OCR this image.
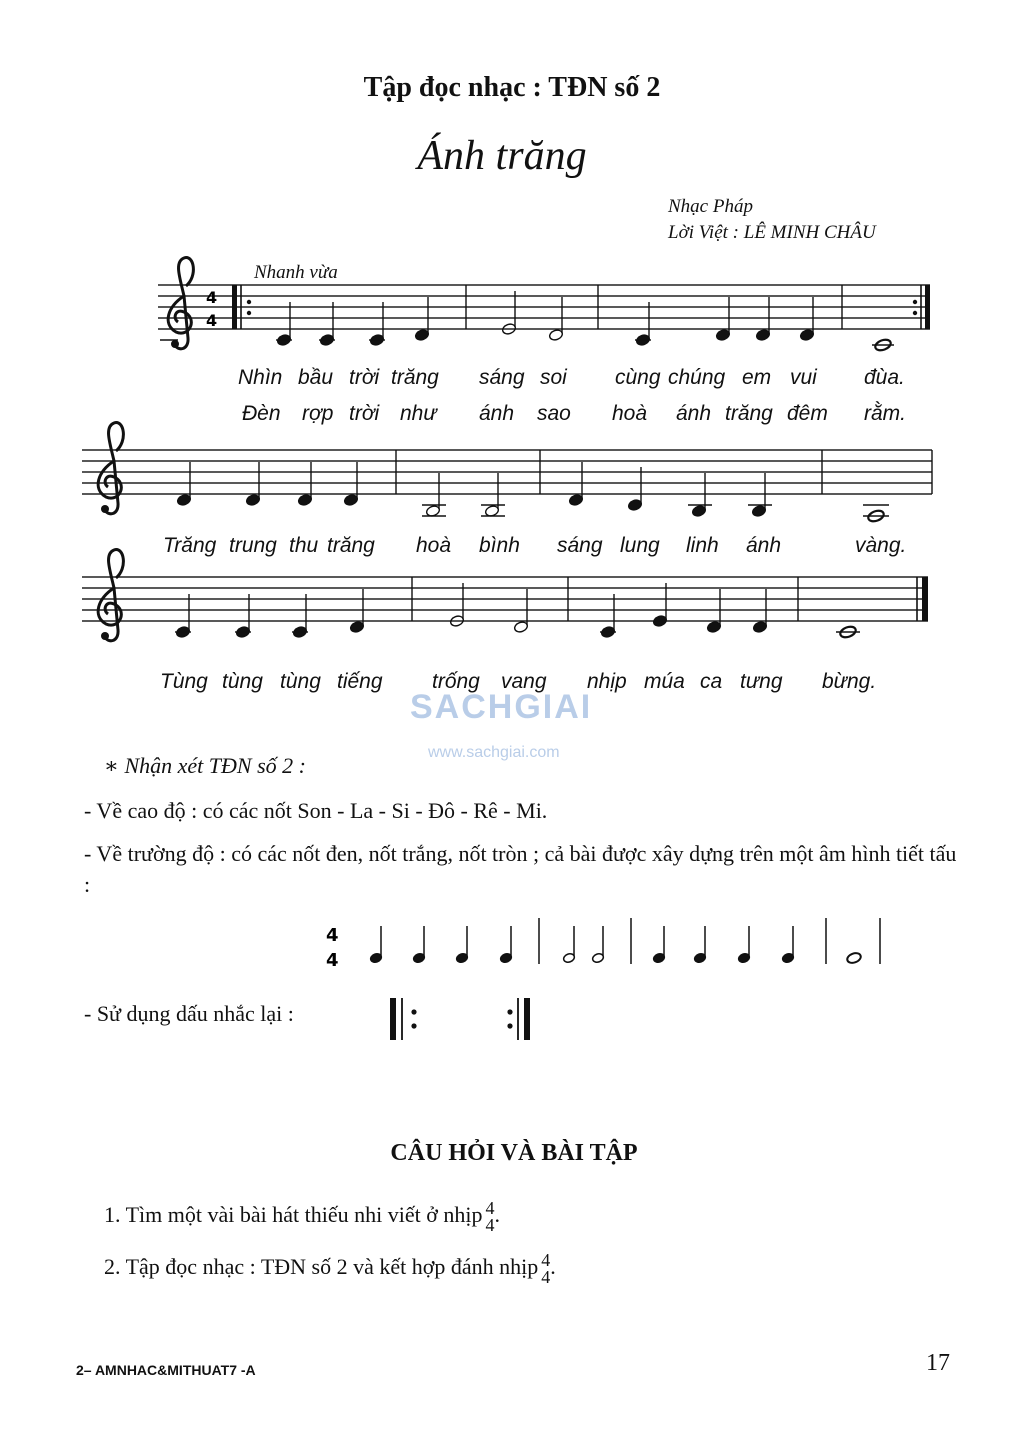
Tập đọc nhạc : TĐN số 2
Ánh trăng
Nhạc Pháp
Lời Việt : LÊ MINH CHÂU
Nhanh vừa
4
4
4
4
Nhìn bầu trời trăng sáng soi cùng chúng em vui đùa.
Đèn rợp trời như ánh sao hoà ánh trăng đêm rằm.
Trăng trung thu trăng hoà bình sáng lung linh ánh	vàng.
Tùng tùng tùng tiếng trống vang nhịp múa ca tưng bừng.
SACHGIAI
www.sachgiai.com
∗ Nhận xét TĐN số 2 :
- Về cao độ : có các nốt Son - La - Si - Đô - Rê - Mi.
- Về trường độ : có các nốt đen, nốt trắng, nốt tròn ; cả bài được xây dựng trên một âm hình tiết tấu :
- Sử dụng dấu nhắc lại :
CÂU HỎI VÀ BÀI TẬP
1. Tìm một vài bài hát thiếu nhi viết ở nhịp 4
4 .
2. Tập đọc nhạc : TĐN số 2 và kết hợp đánh nhịp 4
4 .
2– AMNHAC&MITHUAT7 -A	17
